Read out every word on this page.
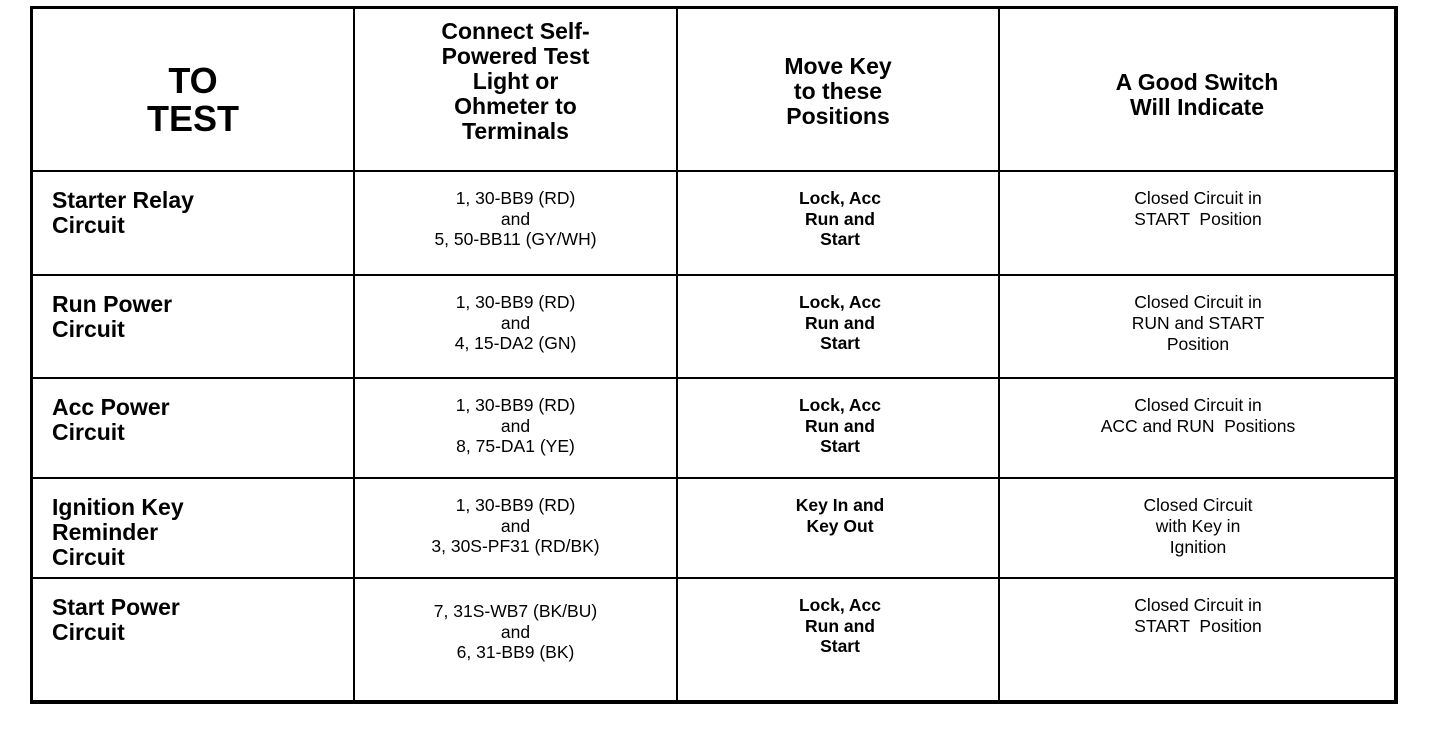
TO
TEST
Connect Self-
Powered Test
Light or
Ohmeter to
Terminals
Move Key
to these
Positions
A Good Switch
Will Indicate
Starter Relay
Circuit
1, 30-BB9 (RD)
and
5, 50-BB11 (GY/WH)
Lock, Acc
Run and
Start
Closed Circuit in
START  Position
Run Power
Circuit
1, 30-BB9 (RD)
and
4, 15-DA2 (GN)
Lock, Acc
Run and
Start
Closed Circuit in
RUN and START
Position
Acc Power
Circuit
1, 30-BB9 (RD)
and
8, 75-DA1 (YE)
Lock, Acc
Run and
Start
Closed Circuit in
ACC and RUN  Positions
Ignition Key
Reminder
Circuit
1, 30-BB9 (RD)
and
3, 30S-PF31 (RD/BK)
Key In and
Key Out
Closed Circuit
with Key in
Ignition
Start Power
Circuit
7, 31S-WB7 (BK/BU)
and
6, 31-BB9 (BK)
Lock, Acc
Run and
Start
Closed Circuit in
START  Position
